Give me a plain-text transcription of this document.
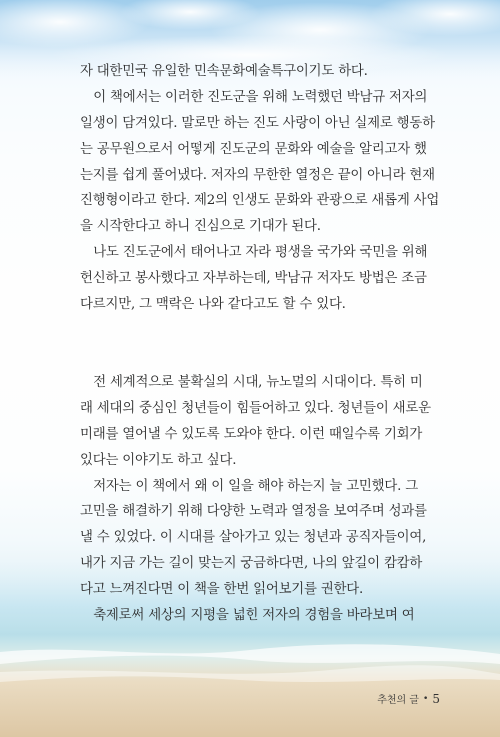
자 대한민국 유일한 민속문화예술특구이기도 하다.
　이 책에서는 이러한 진도군을 위해 노력했던 박남규 저자의
일생이 담겨있다. 말로만 하는 진도 사랑이 아닌 실제로 행동하
는 공무원으로서 어떻게 진도군의 문화와 예술을 알리고자 했
는지를 쉽게 풀어냈다. 저자의 무한한 열정은 끝이 아니라 현재
진행형이라고 한다. 제2의 인생도 문화와 관광으로 새롭게 사업
을 시작한다고 하니 진심으로 기대가 된다.
　나도 진도군에서 태어나고 자라 평생을 국가와 국민을 위해
헌신하고 봉사했다고 자부하는데, 박남규 저자도 방법은 조금
다르지만, 그 맥락은 나와 같다고도 할 수 있다.
　전 세계적으로 불확실의 시대, 뉴노멀의 시대이다. 특히 미
래 세대의 중심인 청년들이 힘들어하고 있다. 청년들이 새로운
미래를 열어낼 수 있도록 도와야 한다. 이런 때일수록 기회가
있다는 이야기도 하고 싶다.
　저자는 이 책에서 왜 이 일을 해야 하는지 늘 고민했다. 그
고민을 해결하기 위해 다양한 노력과 열정을 보여주며 성과를
낼 수 있었다. 이 시대를 살아가고 있는 청년과 공직자들이여,
내가 지금 가는 길이 맞는지 궁금하다면, 나의 앞길이 캄캄하
다고 느껴진다면 이 책을 한번 읽어보기를 권한다.
　축제로써 세상의 지평을 넓힌 저자의 경험을 바라보며 여
추천의 글 • 5
